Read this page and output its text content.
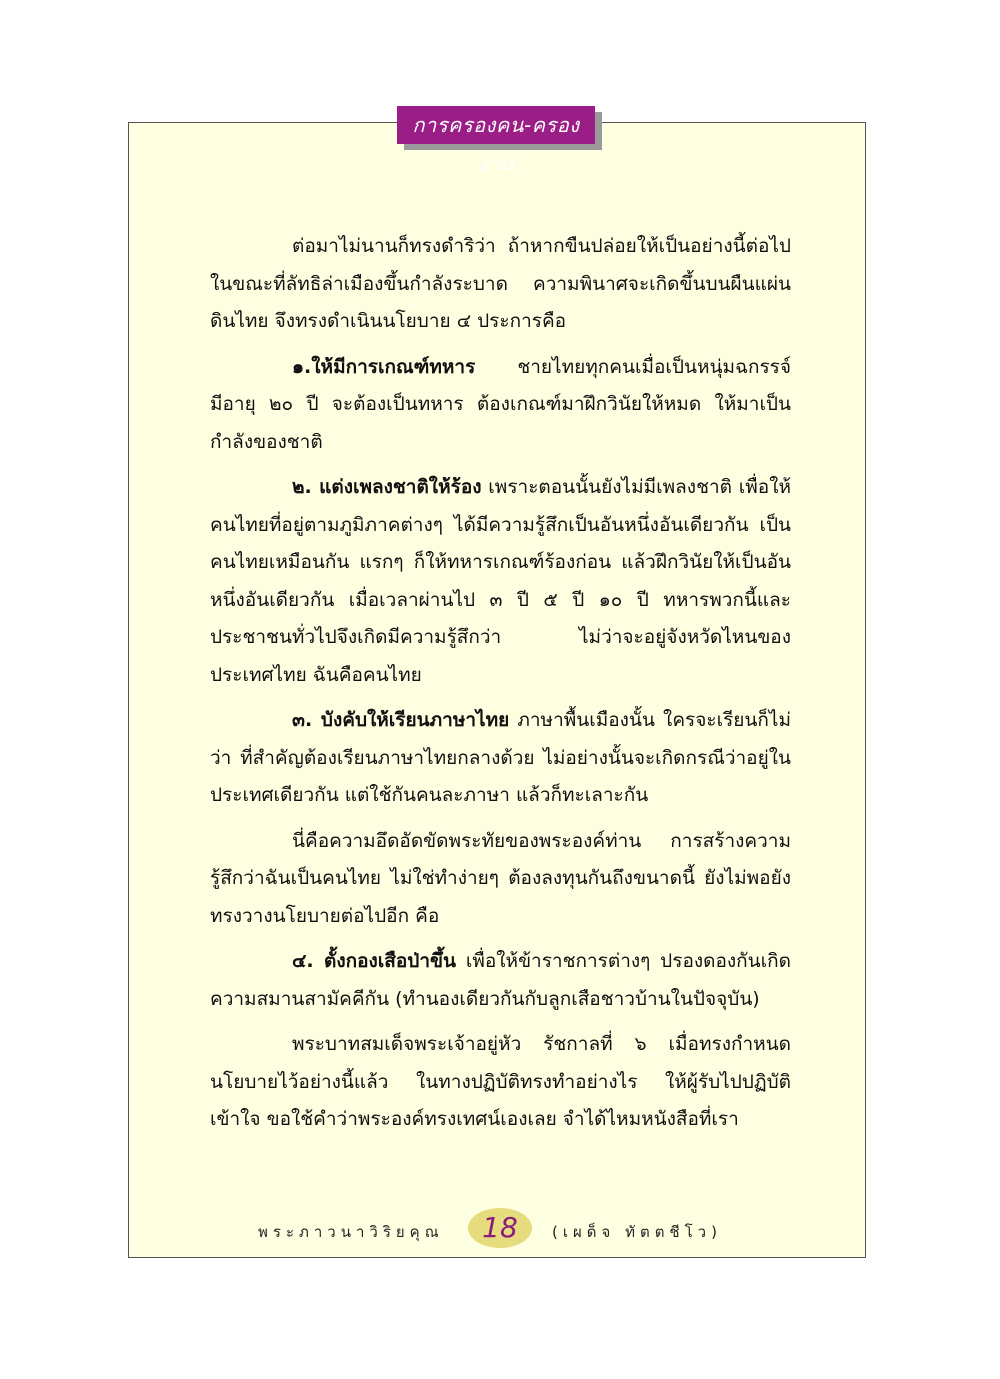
การครองคน-ครองงาน

ต่อมาไม่นานก็ทรงดำริว่า ถ้าหากขืนปล่อยให้เป็นอย่างนี้ต่อไป ในขณะที่ลัทธิล่าเมืองขึ้นกำลังระบาด ความพินาศจะเกิดขึ้นบนผืนแผ่นดินไทย จึงทรงดำเนินนโยบาย ๔ ประการคือ

๑.ให้มีการเกณฑ์ทหาร ชายไทยทุกคนเมื่อเป็นหนุ่มฉกรรจ์มีอายุ ๒๐ ปี จะต้องเป็นทหาร ต้องเกณฑ์มาฝึกวินัยให้หมด ให้มาเป็นกำลังของชาติ

๒. แต่งเพลงชาติให้ร้อง เพราะตอนนั้นยังไม่มีเพลงชาติ เพื่อให้คนไทยที่อยู่ตามภูมิภาคต่างๆ ได้มีความรู้สึกเป็นอันหนึ่งอันเดียวกัน เป็นคนไทยเหมือนกัน แรกๆ ก็ให้ทหารเกณฑ์ร้องก่อน แล้วฝึกวินัยให้เป็นอันหนึ่งอันเดียวกัน เมื่อเวลาผ่านไป ๓ ปี ๕ ปี ๑๐ ปี ทหารพวกนี้และประชาชนทั่วไปจึงเกิดมีความรู้สึกว่า ไม่ว่าจะอยู่จังหวัดไหนของประเทศไทย ฉันคือคนไทย

๓. บังคับให้เรียนภาษาไทย ภาษาพื้นเมืองนั้น ใครจะเรียนก็ไม่ว่า ที่สำคัญต้องเรียนภาษาไทยกลางด้วย ไม่อย่างนั้นจะเกิดกรณีว่าอยู่ในประเทศเดียวกัน แต่ใช้กันคนละภาษา แล้วก็ทะเลาะกัน

นี่คือความอึดอัดขัดพระทัยของพระองค์ท่าน การสร้างความรู้สึกว่าฉันเป็นคนไทย ไม่ใช่ทำง่ายๆ ต้องลงทุนกันถึงขนาดนี้ ยังไม่พอยังทรงวางนโยบายต่อไปอีก คือ

๔. ตั้งกองเสือป่าขึ้น เพื่อให้ข้าราชการต่างๆ ปรองดองกันเกิดความสมานสามัคคีกัน (ทำนองเดียวกันกับลูกเสือชาวบ้านในปัจจุบัน)

พระบาทสมเด็จพระเจ้าอยู่หัว รัชกาลที่ ๖ เมื่อทรงกำหนดนโยบายไว้อย่างนี้แล้ว ในทางปฏิบัติทรงทำอย่างไร ให้ผู้รับไปปฏิบัติเข้าใจ ขอใช้คำว่าพระองค์ทรงเทศน์เองเลย จำได้ไหมหนังสือที่เรา

พระภาวนาวิริยคุณ	18	(เผด็จ ทัตตชีโว)
